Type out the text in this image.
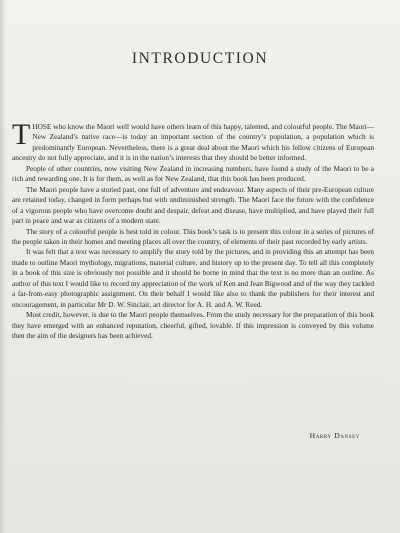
INTRODUCTION

THOSE who know the Maori well would have others learn of this happy, talented, and colourful people. The Maori—New Zealand’s native race—is today an important section of the country’s population, a population which is predominantly European. Nevertheless, there is a great deal about the Maori which his fellow citizens of European ancestry do not fully appreciate, and it is in the nation’s interests that they should be better informed.

People of other countries, now visiting New Zealand in increasing numbers, have found a study of the Maori to be a rich and rewarding one. It is for them, as well as for New Zealand, that this book has been produced.

The Maori people have a storied past, one full of adventure and endeavour. Many aspects of their pre-European culture are retained today, changed in form perhaps but with undiminished strength. The Maori face the future with the confidence of a vigorous people who have overcome doubt and despair, defeat and disease, have multiplied, and have played their full part in peace and war as citizens of a modern state.

The story of a colourful people is best told in colour. This book’s task is to present this colour in a series of pictures of the people taken in their homes and meeting places all over the country, of elements of their past recorded by early artists.

It was felt that a text was necessary to amplify the story told by the pictures, and in providing this an attempt has been made to outline Maori mythology, migrations, material culture, and history up to the present day. To tell all this completely in a book of this size is obviously not possible and it should be borne in mind that the text is no more than an outline. As author of this text I would like to record my appreciation of the work of Ken and Jean Bigwood and of the way they tackled a far-from-easy photographic assignment. On their behalf I would like also to thank the publishers for their interest and encouragement, in particular Mr D. W. Sinclair, art director for A. H. and A. W. Reed.

Most credit, however, is due to the Maori people themselves. From the study necessary for the preparation of this book they have emerged with an enhanced reputation, cheerful, gifted, lovable. If this impression is conveyed by this volume then the aim of the designers has been achieved.

Harry Dansey
